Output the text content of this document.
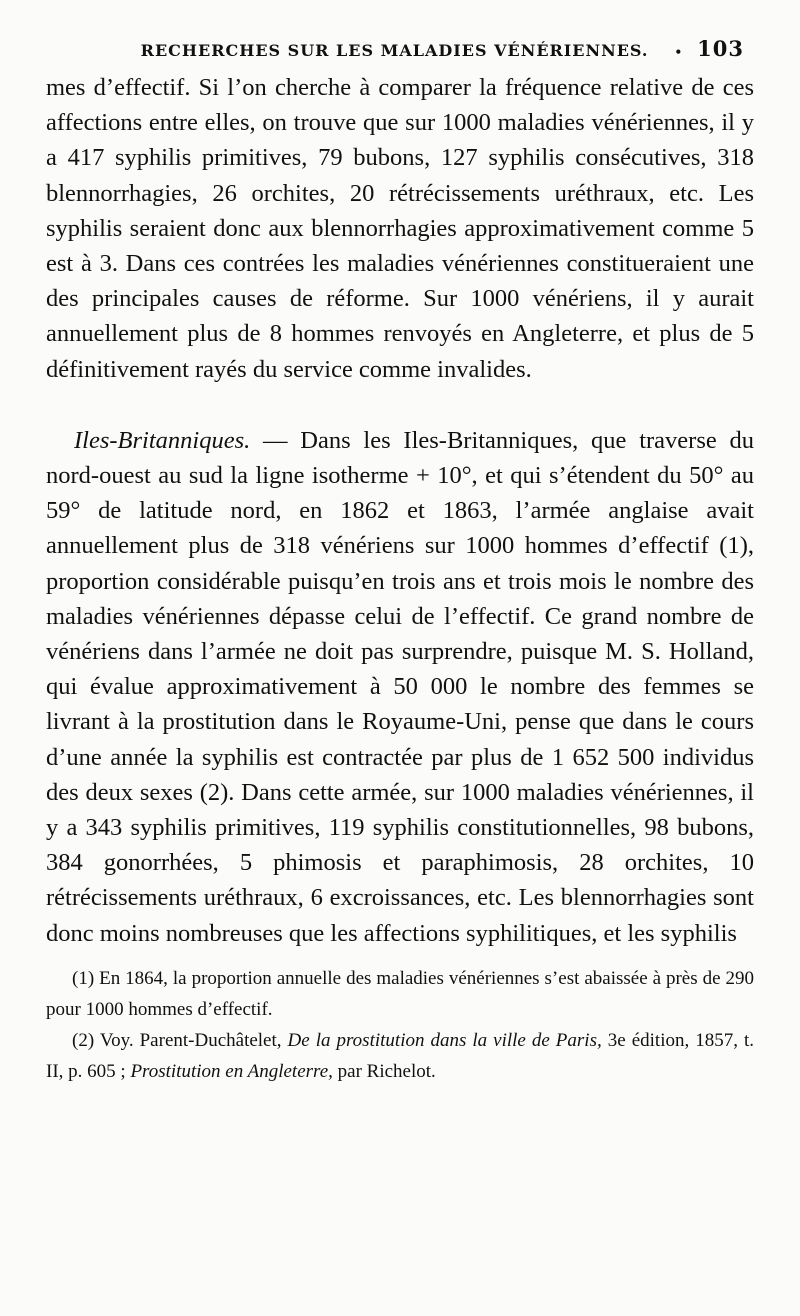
RECHERCHES SUR LES MALADIES VÉNÉRIENNES. • 103

mes d’effectif. Si l’on cherche à comparer la fréquence relative de ces affections entre elles, on trouve que sur 1000 maladies vénériennes, il y a 417 syphilis primitives, 79 bubons, 127 syphilis consécutives, 318 blennorrhagies, 26 orchites, 20 rétrécissements uréthraux, etc. Les syphilis seraient donc aux blennorrhagies approximativement comme 5 est à 3. Dans ces contrées les maladies vénériennes constitueraient une des principales causes de réforme. Sur 1000 vénériens, il y aurait annuellement plus de 8 hommes renvoyés en Angleterre, et plus de 5 définitivement rayés du service comme invalides.

Iles-Britanniques. — Dans les Iles-Britanniques, que traverse du nord-ouest au sud la ligne isotherme + 10°, et qui s’étendent du 50° au 59° de latitude nord, en 1862 et 1863, l’armée anglaise avait annuellement plus de 318 vénériens sur 1000 hommes d’effectif (1), proportion considérable puisqu’en trois ans et trois mois le nombre des maladies vénériennes dépasse celui de l’effectif. Ce grand nombre de vénériens dans l’armée ne doit pas surprendre, puisque M. S. Holland, qui évalue approximativement à 50 000 le nombre des femmes se livrant à la prostitution dans le Royaume-Uni, pense que dans le cours d’une année la syphilis est contractée par plus de 1 652 500 individus des deux sexes (2). Dans cette armée, sur 1000 maladies vénériennes, il y a 343 syphilis primitives, 119 syphilis constitutionnelles, 98 bubons, 384 gonorrhées, 5 phimosis et paraphimosis, 28 orchites, 10 rétrécissements uréthraux, 6 excroissances, etc. Les blennorrhagies sont donc moins nombreuses que les affections syphilitiques, et les syphilis

(1) En 1864, la proportion annuelle des maladies vénériennes s’est abaissée à près de 290 pour 1000 hommes d’effectif.

(2) Voy. Parent-Duchâtelet, De la prostitution dans la ville de Paris, 3e édition, 1857, t. II, p. 605 ; Prostitution en Angleterre, par Richelot.
